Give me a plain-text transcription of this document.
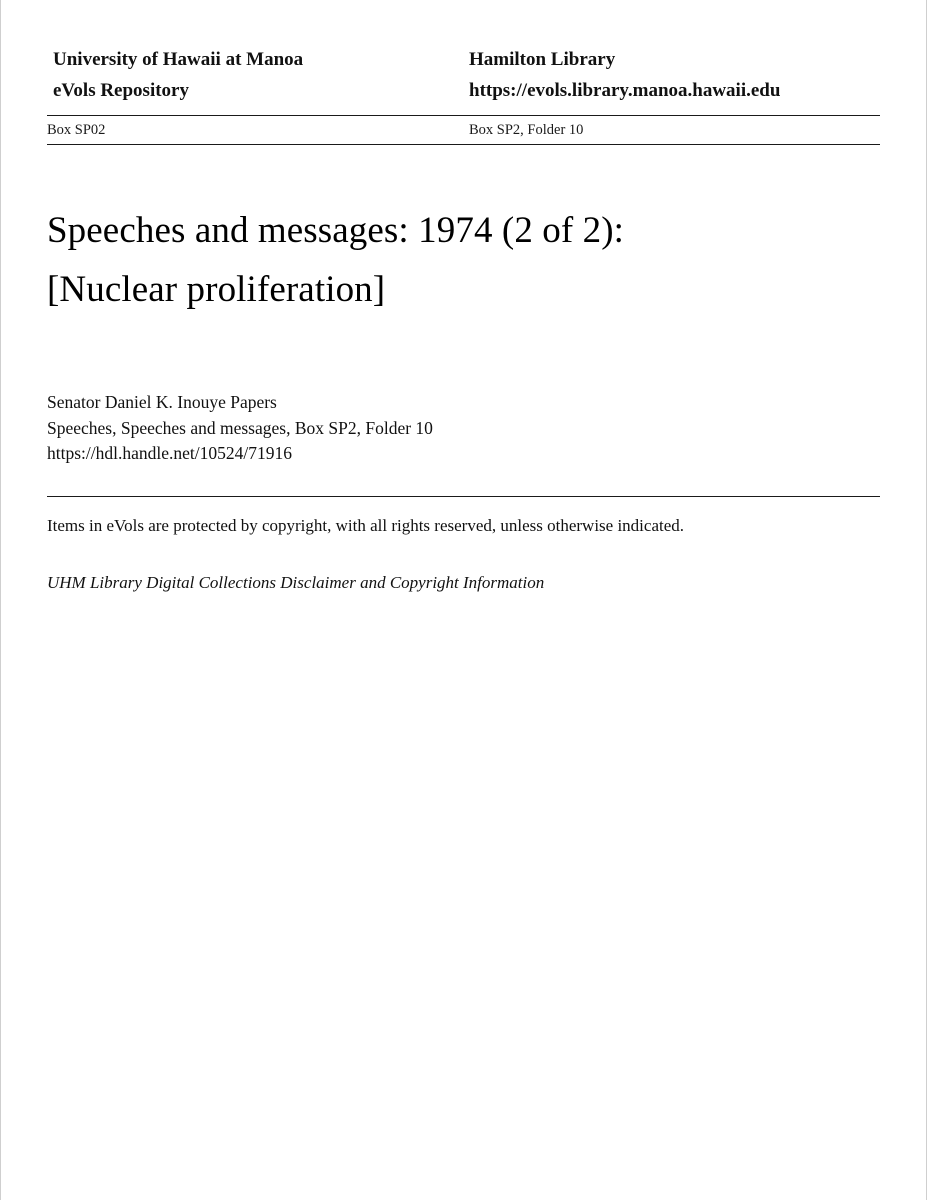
University of Hawaii at Manoa	Hamilton Library
eVols Repository	https://evols.library.manoa.hawaii.edu
Box SP02	Box SP2, Folder 10
Speeches and messages: 1974 (2 of 2):
[Nuclear proliferation]
Senator Daniel K. Inouye Papers
Speeches, Speeches and messages, Box SP2, Folder 10
https://hdl.handle.net/10524/71916
Items in eVols are protected by copyright, with all rights reserved, unless otherwise indicated.
UHM Library Digital Collections Disclaimer and Copyright Information
